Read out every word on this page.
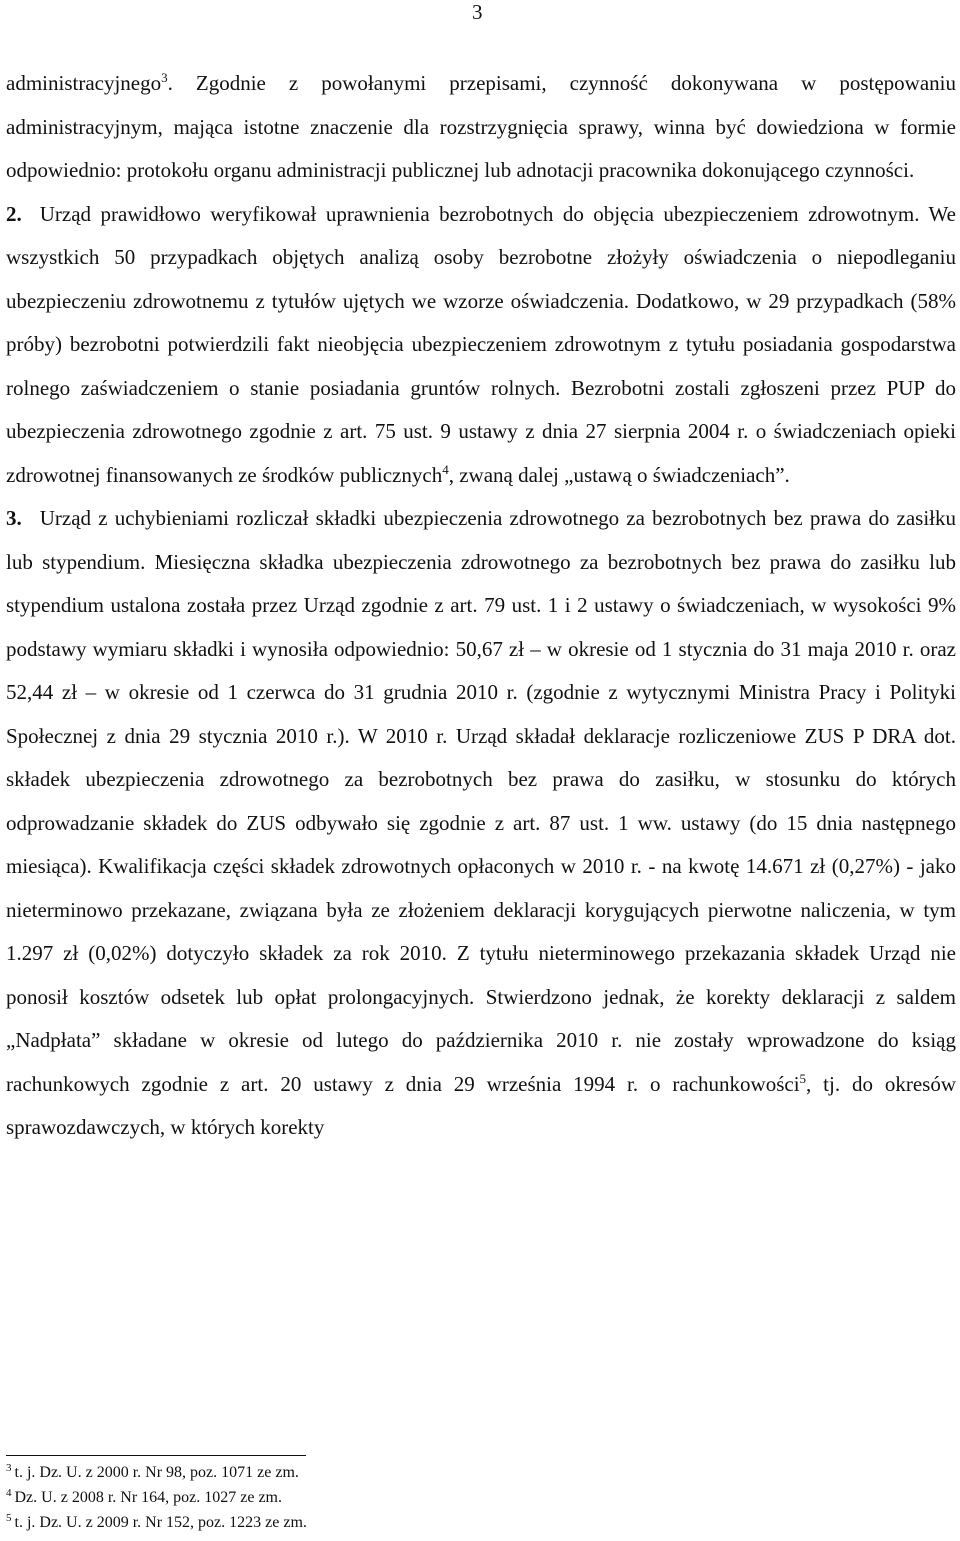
3

administracyjnego$^3$. Zgodnie z powołanymi przepisami, czynność dokonywana w postępowaniu administracyjnym, mająca istotne znaczenie dla rozstrzygnięcia sprawy, winna być dowiedziona w formie odpowiednio: protokołu organu administracji publicznej lub adnotacji pracownika dokonującego czynności.

2. Urząd prawidłowo weryfikował uprawnienia bezrobotnych do objęcia ubezpieczeniem zdrowotnym. We wszystkich 50 przypadkach objętych analizą osoby bezrobotne złożyły oświadczenia o niepodleganiu ubezpieczeniu zdrowotnemu z tytułów ujętych we wzorze oświadczenia. Dodatkowo, w 29 przypadkach (58% próby) bezrobotni potwierdzili fakt nieobjęcia ubezpieczeniem zdrowotnym z tytułu posiadania gospodarstwa rolnego zaświadczeniem o stanie posiadania gruntów rolnych. Bezrobotni zostali zgłoszeni przez PUP do ubezpieczenia zdrowotnego zgodnie z art. 75 ust. 9 ustawy z dnia 27 sierpnia 2004 r. o świadczeniach opieki zdrowotnej finansowanych ze środków publicznych$^4$, zwaną dalej „ustawą o świadczeniach”.

3. Urząd z uchybieniami rozliczał składki ubezpieczenia zdrowotnego za bezrobotnych bez prawa do zasiłku lub stypendium. Miesięczna składka ubezpieczenia zdrowotnego za bezrobotnych bez prawa do zasiłku lub stypendium ustalona została przez Urząd zgodnie z art. 79 ust. 1 i 2 ustawy o świadczeniach, w wysokości 9% podstawy wymiaru składki i wynosiła odpowiednio: 50,67 zł – w okresie od 1 stycznia do 31 maja 2010 r. oraz 52,44 zł – w okresie od 1 czerwca do 31 grudnia 2010 r. (zgodnie z wytycznymi Ministra Pracy i Polityki Społecznej z dnia 29 stycznia 2010 r.). W 2010 r. Urząd składał deklaracje rozliczeniowe ZUS P DRA dot. składek ubezpieczenia zdrowotnego za bezrobotnych bez prawa do zasiłku, w stosunku do których odprowadzanie składek do ZUS odbywało się zgodnie z art. 87 ust. 1 ww. ustawy (do 15 dnia następnego miesiąca). Kwalifikacja części składek zdrowotnych opłaconych w 2010 r. - na kwotę 14.671 zł (0,27%) - jako nieterminowo przekazane, związana była ze złożeniem deklaracji korygujących pierwotne naliczenia, w tym 1.297 zł (0,02%) dotyczyło składek za rok 2010. Z tytułu nieterminowego przekazania składek Urząd nie ponosił kosztów odsetek lub opłat prolongacyjnych. Stwierdzono jednak, że korekty deklaracji z saldem „Nadpłata” składane w okresie od lutego do października 2010 r. nie zostały wprowadzone do ksiąg rachunkowych zgodnie z art. 20 ustawy z dnia 29 września 1994 r. o rachunkowości$^5$, tj. do okresów sprawozdawczych, w których korekty

$^3$ t. j. Dz. U. z 2000 r. Nr 98, poz. 1071 ze zm.
$^4$ Dz. U. z 2008 r. Nr 164, poz. 1027 ze zm.
$^5$ t. j. Dz. U. z 2009 r. Nr 152, poz. 1223 ze zm.
